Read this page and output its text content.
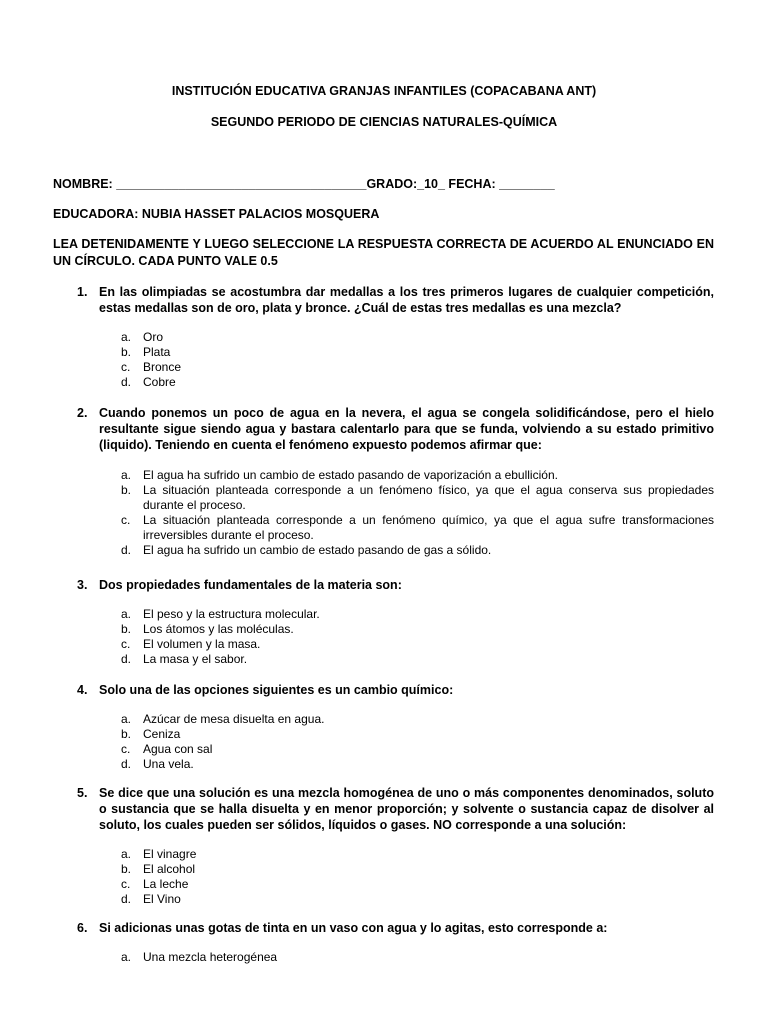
INSTITUCIÓN EDUCATIVA GRANJAS INFANTILES (COPACABANA ANT)
SEGUNDO PERIODO DE CIENCIAS NATURALES-QUÍMICA
NOMBRE: ____________________________________GRADO:_10_ FECHA: ________
EDUCADORA: NUBIA HASSET PALACIOS MOSQUERA
LEA DETENIDAMENTE Y LUEGO SELECCIONE LA RESPUESTA CORRECTA DE ACUERDO AL ENUNCIADO EN UN CÍRCULO. CADA PUNTO VALE 0.5
1. En las olimpiadas se acostumbra dar medallas a los tres primeros lugares de cualquier competición, estas medallas son de oro, plata y bronce. ¿Cuál de estas tres medallas es una mezcla?
a. Oro
b. Plata
c.	Bronce
d. Cobre
2. Cuando ponemos un poco de agua en la nevera, el agua se congela solidificándose, pero el hielo resultante sigue siendo agua y bastara calentarlo para que se funda, volviendo a su estado primitivo (liquido). Teniendo en cuenta el fenómeno expuesto podemos afirmar que:
a. El agua ha sufrido un cambio de estado pasando de vaporización a ebullición.
b. La situación planteada corresponde a un fenómeno físico, ya que el agua conserva sus propiedades durante el proceso.
c.	La situación planteada corresponde a un fenómeno químico, ya que el agua sufre transformaciones irreversibles durante el proceso.
d. El agua ha sufrido un cambio de estado pasando de gas a sólido.
3. Dos propiedades fundamentales de la materia son:
a. El peso y la estructura molecular.
b. Los átomos y las moléculas.
c.	El volumen y la masa.
d. La masa y el sabor.
4. Solo una de las opciones siguientes es un cambio químico:
a. Azúcar de mesa disuelta en agua.
b. Ceniza
c.	Agua con sal
d. Una vela.
5. Se dice que una solución es una mezcla homogénea de uno o más componentes denominados, soluto o sustancia que se halla disuelta y en menor proporción; y solvente o sustancia capaz de disolver al soluto, los cuales pueden ser sólidos, líquidos o gases. NO corresponde a una solución:
a. El vinagre
b. El alcohol
c.	La leche
d. El Vino
6. Si adicionas unas gotas de tinta en un vaso con agua y lo agitas, esto corresponde a:
a. Una mezcla heterogénea
